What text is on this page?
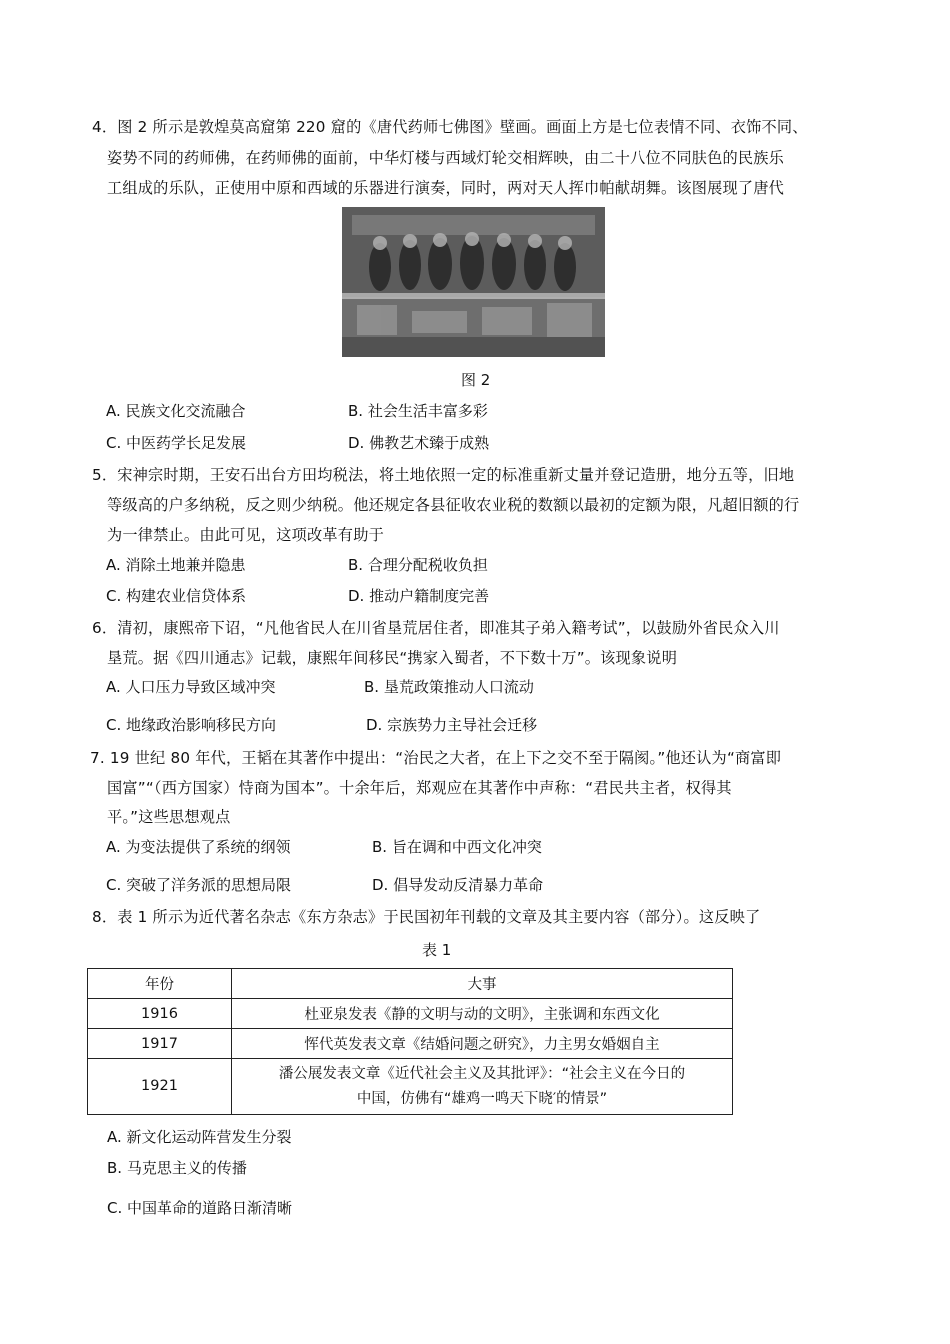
4．图 2 所示是敦煌莫高窟第 220 窟的《唐代药师七佛图》壁画。画面上方是七位表情不同、衣饰不同、
姿势不同的药师佛，在药师佛的面前，中华灯楼与西域灯轮交相辉映，由二十八位不同肤色的民族乐
工组成的乐队，正使用中原和西域的乐器进行演奏，同时，两对天人挥巾帕献胡舞。该图展现了唐代
图 2
A. 民族文化交流融合	B. 社会生活丰富多彩
C. 中医药学长足发展	D. 佛教艺术臻于成熟
5．宋神宗时期，王安石出台方田均税法，将土地依照一定的标准重新丈量并登记造册，地分五等，旧地
等级高的户多纳税，反之则少纳税。他还规定各县征收农业税的数额以最初的定额为限，凡超旧额的行
为一律禁止。由此可见，这项改革有助于
A. 消除土地兼并隐患	B. 合理分配税收负担
C. 构建农业信贷体系	D. 推动户籍制度完善
6．清初，康熙帝下诏，“凡他省民人在川省垦荒居住者，即准其子弟入籍考试”，以鼓励外省民众入川
垦荒。据《四川通志》记载，康熙年间移民“携家入蜀者，不下数十万”。该现象说明
A. 人口压力导致区域冲突	B. 垦荒政策推动人口流动
C. 地缘政治影响移民方向	D. 宗族势力主导社会迁移
7. 19 世纪 80 年代，王韬在其著作中提出：“治民之大者，在上下之交不至于隔阂。”他还认为“商富即
国富”“（西方国家）恃商为国本”。十余年后，郑观应在其著作中声称：“君民共主者，权得其
平。”这些思想观点
A. 为变法提供了系统的纲领	B. 旨在调和中西文化冲突
C. 突破了洋务派的思想局限	D. 倡导发动反清暴力革命
8．表 1 所示为近代著名杂志《东方杂志》于民国初年刊载的文章及其主要内容（部分）。这反映了
表 1
年份	大事
1916	杜亚泉发表《静的文明与动的文明》，主张调和东西文化
1917	恽代英发表文章《结婚问题之研究》，力主男女婚姻自主
1921	潘公展发表文章《近代社会主义及其批评》：“社会主义在今日的
中国，仿佛有“雄鸡一鸣天下晓′的情景”
A. 新文化运动阵营发生分裂
B. 马克思主义的传播
C. 中国革命的道路日渐清晰
